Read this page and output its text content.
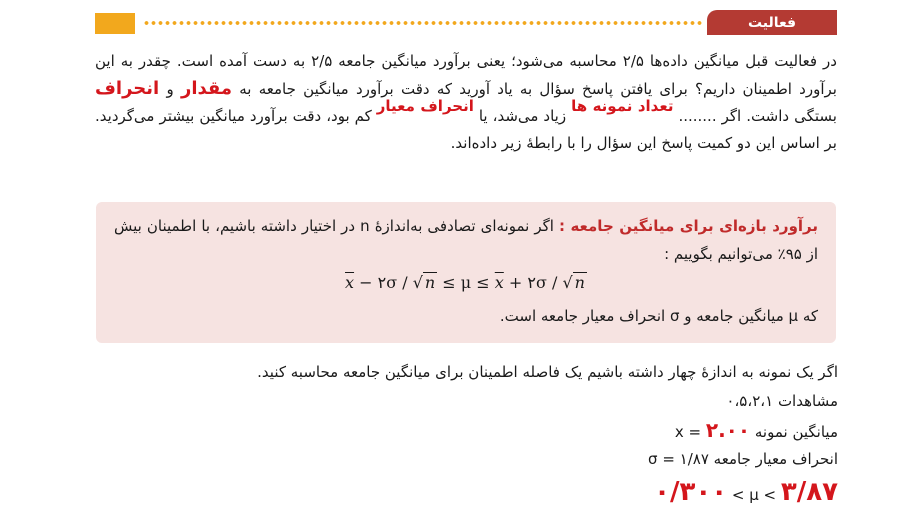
فعالیت
در فعالیت قبل میانگین داده‌ها ۲/۵ محاسبه می‌شود؛ یعنی برآورد میانگین جامعه ۲/۵ به دست آمده است. چقدر به این برآورد اطمینان داریم؟ برای یافتن پاسخ سؤال به یاد آورید که دقت برآورد میانگین جامعه به مقدار و انحراف بستگی داشت. اگر ........ تعداد نمونه ها زیاد می‌شد، یا انحراف معیار کم بود، دقت برآورد میانگین بیشتر می‌گردید. بر اساس این دو کمیت پاسخ این سؤال را با رابطهٔ زیر داده‌اند.
برآورد بازه‌ای برای میانگین جامعه : اگر نمونه‌ای تصادفی به‌اندازهٔ n در اختیار داشته باشیم، با اطمینان بیش از ۹۵٪ می‌توانیم بگوییم :
$\overline{x}$ − ۲σ / √ $n \le \mu \le \overline{x}$ + ۲σ / √ n
که μ میانگین جامعه و σ انحراف معیار جامعه است.
اگر یک نمونه به اندازهٔ چهار داشته باشیم یک فاصله اطمینان برای میانگین جامعه محاسبه کنید.
مشاهدات ۰،۵،۲،۱
میانگین نمونه ۲.۰۰ = x
انحراف معیار جامعه ۱/۸۷ = σ
۰/۳۰۰ < μ < ۳/۸۷
